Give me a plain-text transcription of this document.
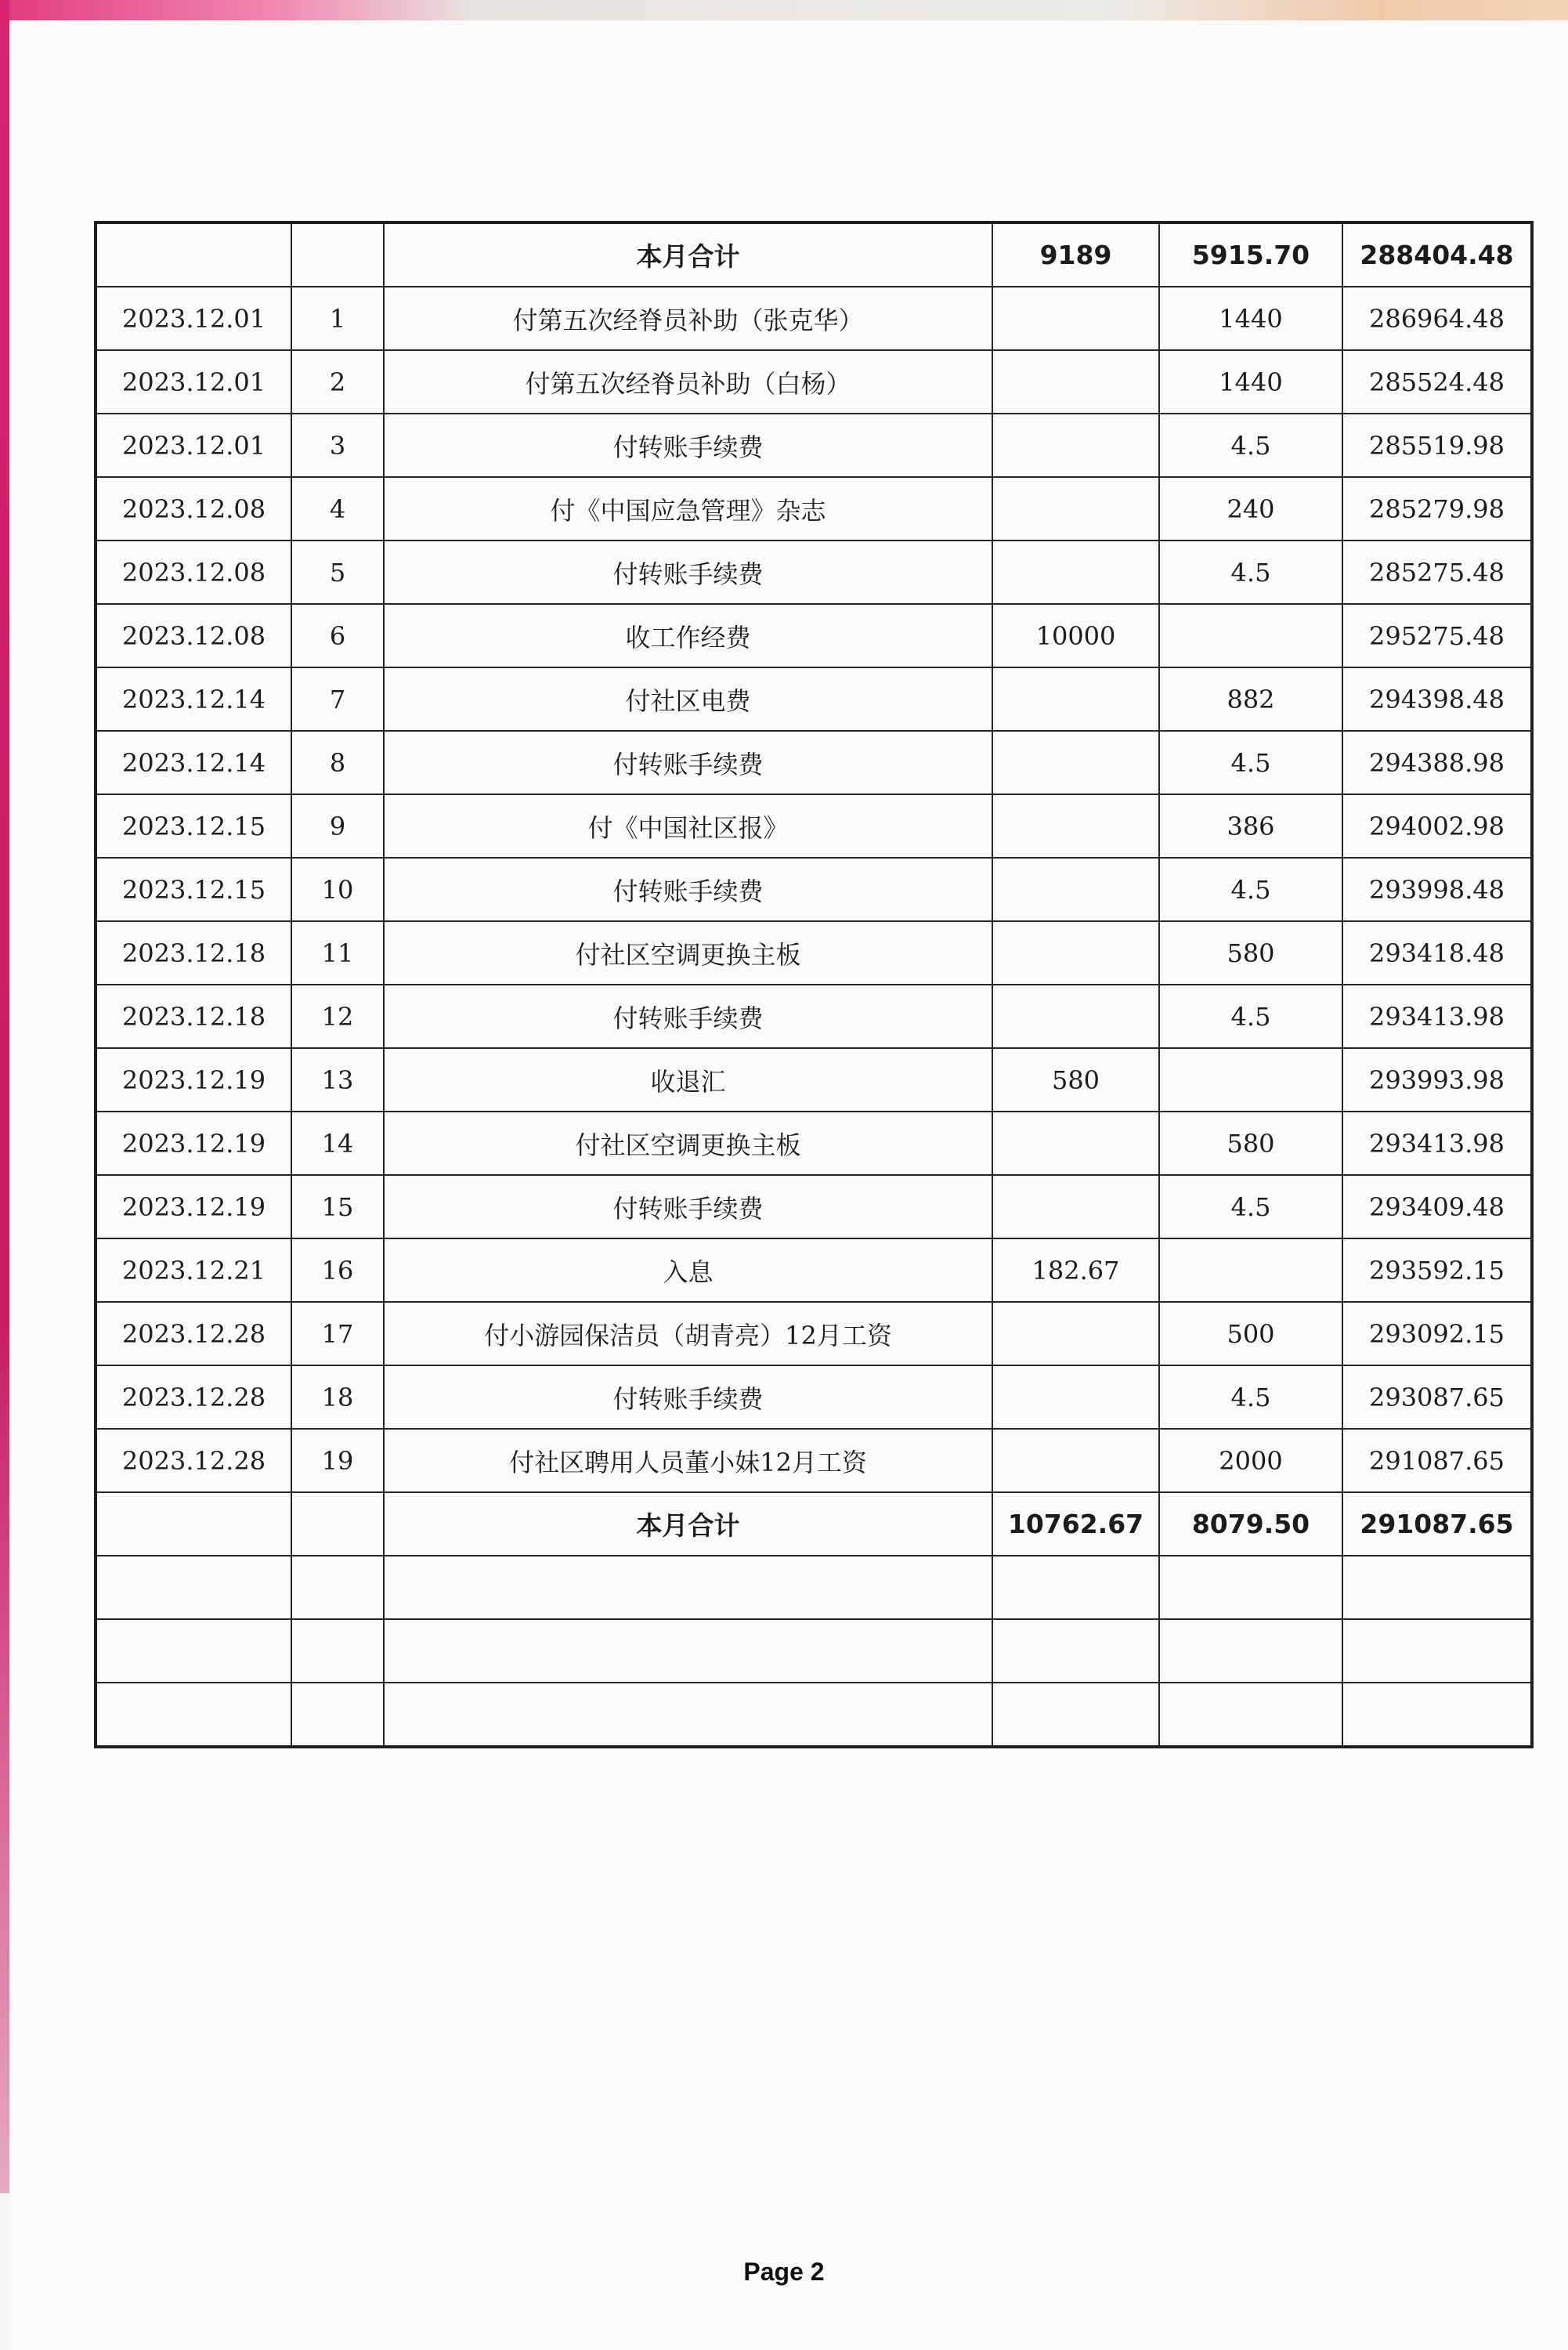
		本月合计	9189	5915.70	288404.48
2023.12.01	1	付第五次经脊员补助（张克华）		1440	286964.48
2023.12.01	2	付第五次经脊员补助（白杨）		1440	285524.48
2023.12.01	3	付转账手续费		4.5	285519.98
2023.12.08	4	付《中国应急管理》杂志		240	285279.98
2023.12.08	5	付转账手续费		4.5	285275.48
2023.12.08	6	收工作经费	10000		295275.48
2023.12.14	7	付社区电费		882	294398.48
2023.12.14	8	付转账手续费		4.5	294388.98
2023.12.15	9	付《中国社区报》		386	294002.98
2023.12.15	10	付转账手续费		4.5	293998.48
2023.12.18	11	付社区空调更换主板		580	293418.48
2023.12.18	12	付转账手续费		4.5	293413.98
2023.12.19	13	收退汇	580		293993.98
2023.12.19	14	付社区空调更换主板		580	293413.98
2023.12.19	15	付转账手续费		4.5	293409.48
2023.12.21	16	入息	182.67		293592.15
2023.12.28	17	付小游园保洁员（胡青亮）12月工资		500	293092.15
2023.12.28	18	付转账手续费		4.5	293087.65
2023.12.28	19	付社区聘用人员董小妹12月工资		2000	291087.65
		本月合计	10762.67	8079.50	291087.65

Page 2
